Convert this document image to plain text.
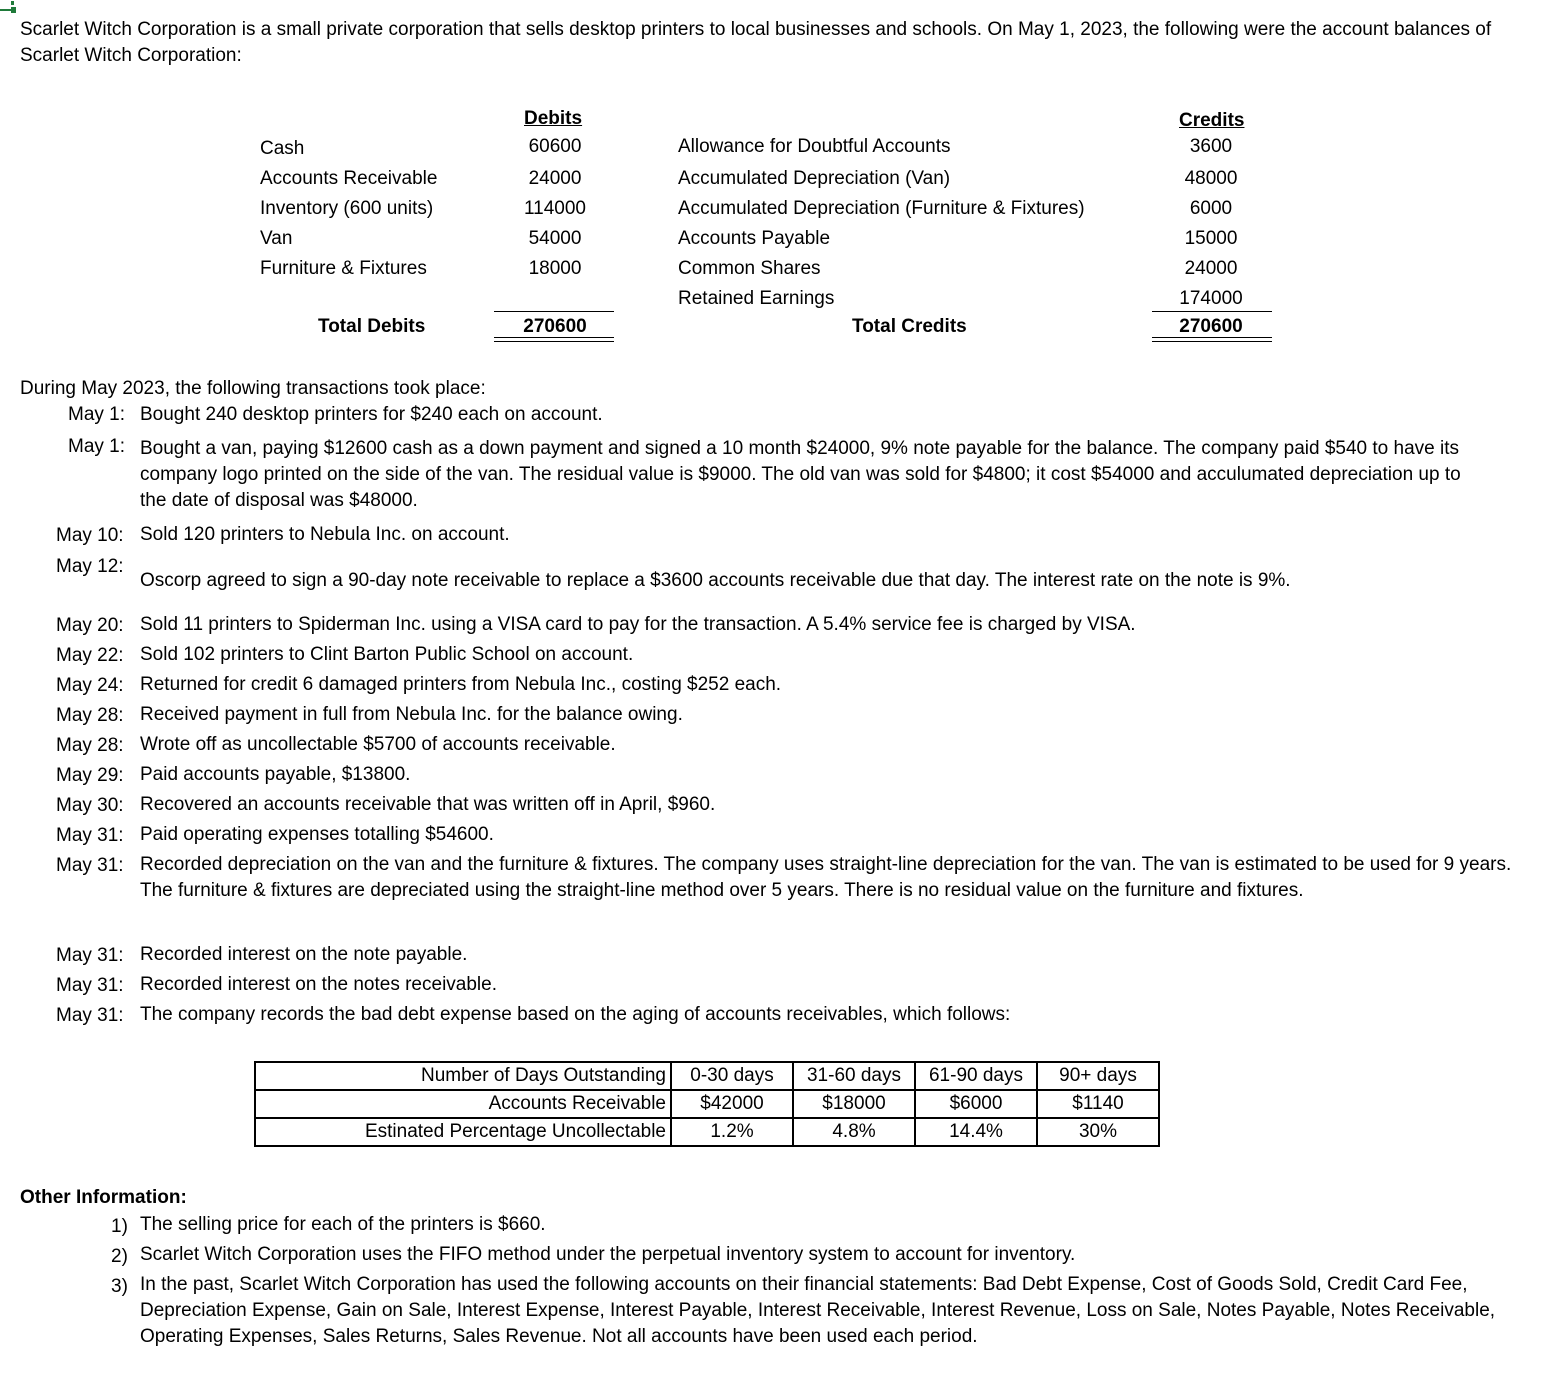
Scarlet Witch Corporation is a small private corporation that sells desktop printers to local businesses and schools. On May 1, 2023, the following were the account balances of Scarlet Witch Corporation:
Debits	Credits
Cash	60600
Accounts Receivable	24000
Inventory (600 units)	114000
Van	54000
Furniture & Fixtures	18000
Allowance for Doubtful Accounts	3600
Accumulated Depreciation (Van)	48000
Accumulated Depreciation (Furniture & Fixtures)	6000
Accounts Payable	15000
Common Shares	24000
Retained Earnings	174000
Total Debits	270600	Total Credits	270600
During May 2023, the following transactions took place:
May 1: Bought 240 desktop printers for $240 each on account.
May 1: Bought a van, paying $12600 cash as a down payment and signed a 10 month $24000, 9% note payable for the balance. The company paid $540 to have its company logo printed on the side of the van. The residual value is $9000. The old van was sold for $4800; it cost $54000 and acculumated depreciation up to the date of disposal was $48000.
May 10: Sold 120 printers to Nebula Inc. on account.
May 12:
Oscorp agreed to sign a 90-day note receivable to replace a $3600 accounts receivable due that day. The interest rate on the note is 9%.
May 20: Sold 11 printers to Spiderman Inc. using a VISA card to pay for the transaction. A 5.4% service fee is charged by VISA.
May 22: Sold 102 printers to Clint Barton Public School on account.
May 24: Returned for credit 6 damaged printers from Nebula Inc., costing $252 each.
May 28: Received payment in full from Nebula Inc. for the balance owing.
May 28: Wrote off as uncollectable $5700 of accounts receivable.
May 29: Paid accounts payable, $13800.
May 30: Recovered an accounts receivable that was written off in April, $960.
May 31: Paid operating expenses totalling $54600.
May 31: Recorded depreciation on the van and the furniture & fixtures. The company uses straight-line depreciation for the van. The van is estimated to be used for 9 years. The furniture & fixtures are depreciated using the straight-line method over 5 years. There is no residual value on the furniture and fixtures.
May 31: Recorded interest on the note payable.
May 31: Recorded interest on the notes receivable.
May 31: The company records the bad debt expense based on the aging of accounts receivables, which follows:
Number of Days Outstanding	0-30 days	31-60 days	61-90 days	90+ days
Accounts Receivable	$42000	$18000	$6000	$1140
Estinated Percentage Uncollectable	1.2%	4.8%	14.4%	30%
Other Information:
1) The selling price for each of the printers is $660.
2) Scarlet Witch Corporation uses the FIFO method under the perpetual inventory system to account for inventory.
3) In the past, Scarlet Witch Corporation has used the following accounts on their financial statements: Bad Debt Expense, Cost of Goods Sold, Credit Card Fee, Depreciation Expense, Gain on Sale, Interest Expense, Interest Payable, Interest Receivable, Interest Revenue, Loss on Sale, Notes Payable, Notes Receivable, Operating Expenses, Sales Returns, Sales Revenue. Not all accounts have been used each period.
